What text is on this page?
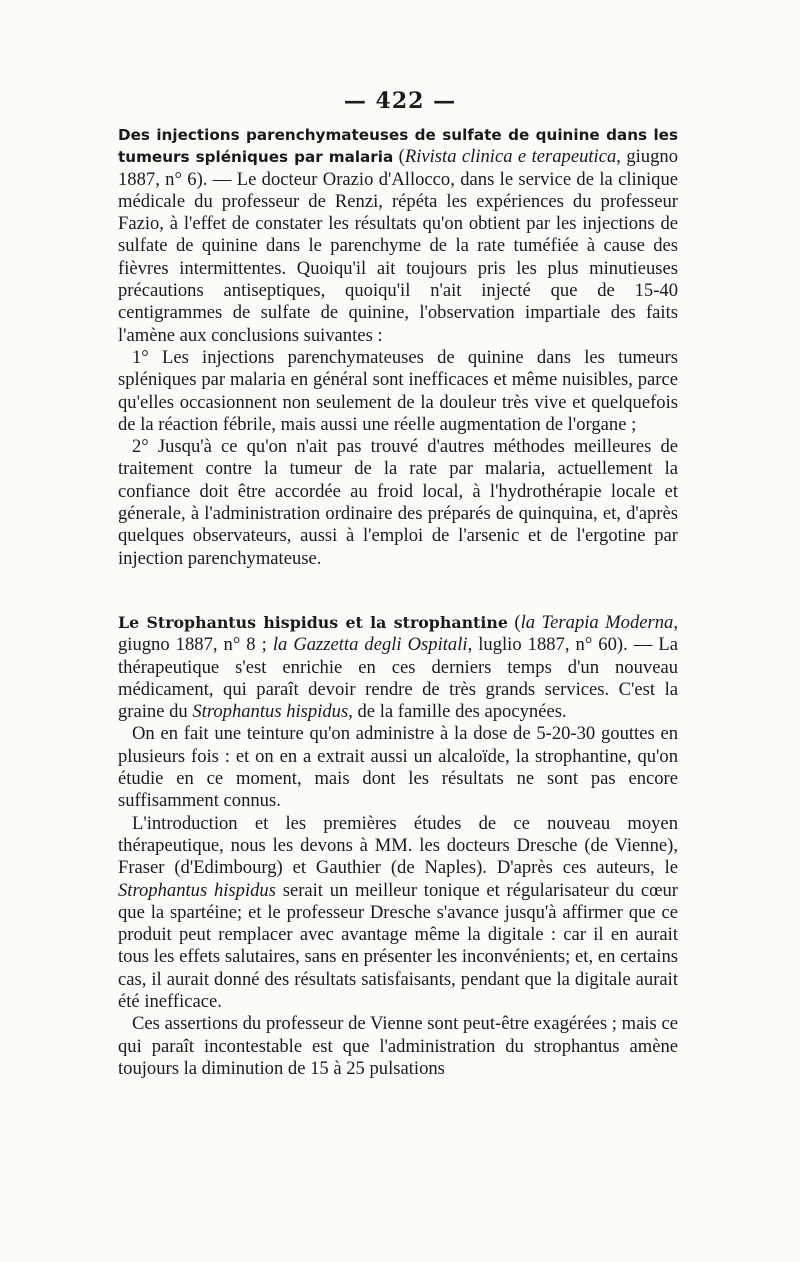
— 422 —

Des injections parenchymateuses de sulfate de quinine dans les tumeurs spléniques par malaria (Rivista clinica e terapeutica, giugno 1887, n° 6). — Le docteur Orazio d'Allocco, dans le service de la clinique médicale du professeur de Renzi, répéta les expériences du professeur Fazio, à l'effet de constater les résultats qu'on obtient par les injections de sulfate de quinine dans le parenchyme de la rate tuméfiée à cause des fièvres intermittentes. Quoiqu'il ait toujours pris les plus minutieuses précautions antiseptiques, quoiqu'il n'ait injecté que de 15-40 centigrammes de sulfate de quinine, l'observation impartiale des faits l'amène aux conclusions suivantes :

1° Les injections parenchymateuses de quinine dans les tumeurs spléniques par malaria en général sont inefficaces et même nuisibles, parce qu'elles occasionnent non seulement de la douleur très vive et quelquefois de la réaction fébrile, mais aussi une réelle augmentation de l'organe ;

2° Jusqu'à ce qu'on n'ait pas trouvé d'autres méthodes meilleures de traitement contre la tumeur de la rate par malaria, actuellement la confiance doit être accordée au froid local, à l'hydrothérapie locale et génerale, à l'administration ordinaire des préparés de quinquina, et, d'après quelques observateurs, aussi à l'emploi de l'arsenic et de l'ergotine par injection parenchymateuse.

Le Strophantus hispidus et la strophantine (la Terapia Moderna, giugno 1887, n° 8 ; la Gazzetta degli Ospitali, luglio 1887, n° 60). — La thérapeutique s'est enrichie en ces derniers temps d'un nouveau médicament, qui paraît devoir rendre de très grands services. C'est la graine du Strophantus hispidus, de la famille des apocynées.

On en fait une teinture qu'on administre à la dose de 5-20-30 gouttes en plusieurs fois : et on en a extrait aussi un alcaloïde, la strophantine, qu'on étudie en ce moment, mais dont les résultats ne sont pas encore suffisamment connus.

L'introduction et les premières études de ce nouveau moyen thérapeutique, nous les devons à MM. les docteurs Dresche (de Vienne), Fraser (d'Edimbourg) et Gauthier (de Naples). D'après ces auteurs, le Strophantus hispidus serait un meilleur tonique et régularisateur du cœur que la spartéine; et le professeur Dresche s'avance jusqu'à affirmer que ce produit peut remplacer avec avantage même la digitale : car il en aurait tous les effets salutaires, sans en présenter les inconvénients; et, en certains cas, il aurait donné des résultats satisfaisants, pendant que la digitale aurait été inefficace.

Ces assertions du professeur de Vienne sont peut-être exagérées ; mais ce qui paraît incontestable est que l'administration du strophantus amène toujours la diminution de 15 à 25 pulsations
